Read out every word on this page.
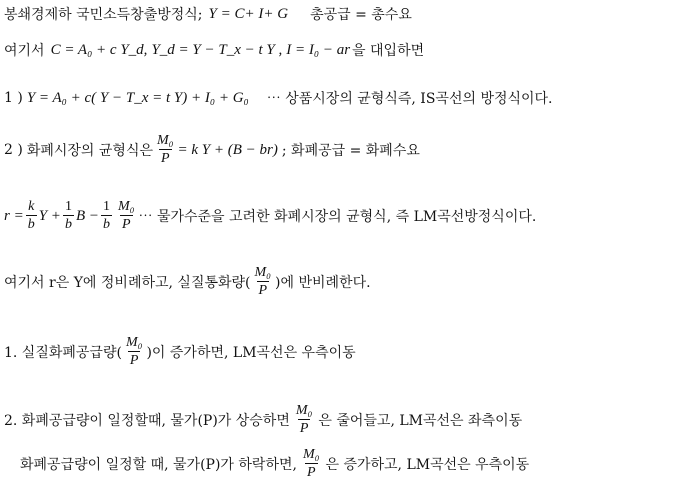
봉쇄경제하 국민소득창출방정식; Y = C+ I+ G 총공급 = 총수요
여기서 C = A₀ + c Y_d, Y_d = Y − T_x − t Y , I = I₀ − ar 을 대입하면
1 ) Y = A₀ + c( Y − T_x = t Y) + I₀ + G₀ ⋯ 상품시장의 균형식즉, IS곡선의 방정식이다.
2 ) 화폐시장의 균형식은 $\frac{\text{M₀}}{P} = k$ Y + (B − br) ; 화폐공급 = 화폐수요
$r = \frac{k}{b}$ $Y + \frac{1}{b}$ $B - \frac{1}{b} \frac{\text{M₀}}{P}$ ⋯ 물가수준을 고려한 화폐시장의 균형식, 즉 LM곡선방정식이다.
여기서 r은 Y에 정비례하고, 실질통화량( $\frac{\text{M₀}}{P}$ )에 반비례한다.
1. 실질화폐공급량( $\frac{\text{M₀}}{P}$ )이 증가하면, LM곡선은 우측이동
2. 화폐공급량이 일정할때, 물가(P)가 상승하면 $\frac{\text{M₀}}{P}$ 은 줄어들고, LM곡선은 좌측이동
화폐공급량이 일정할 때, 물가(P)가 하락하면, $\frac{\text{M₀}}{P}$ 은 증가하고, LM곡선은 우측이동
